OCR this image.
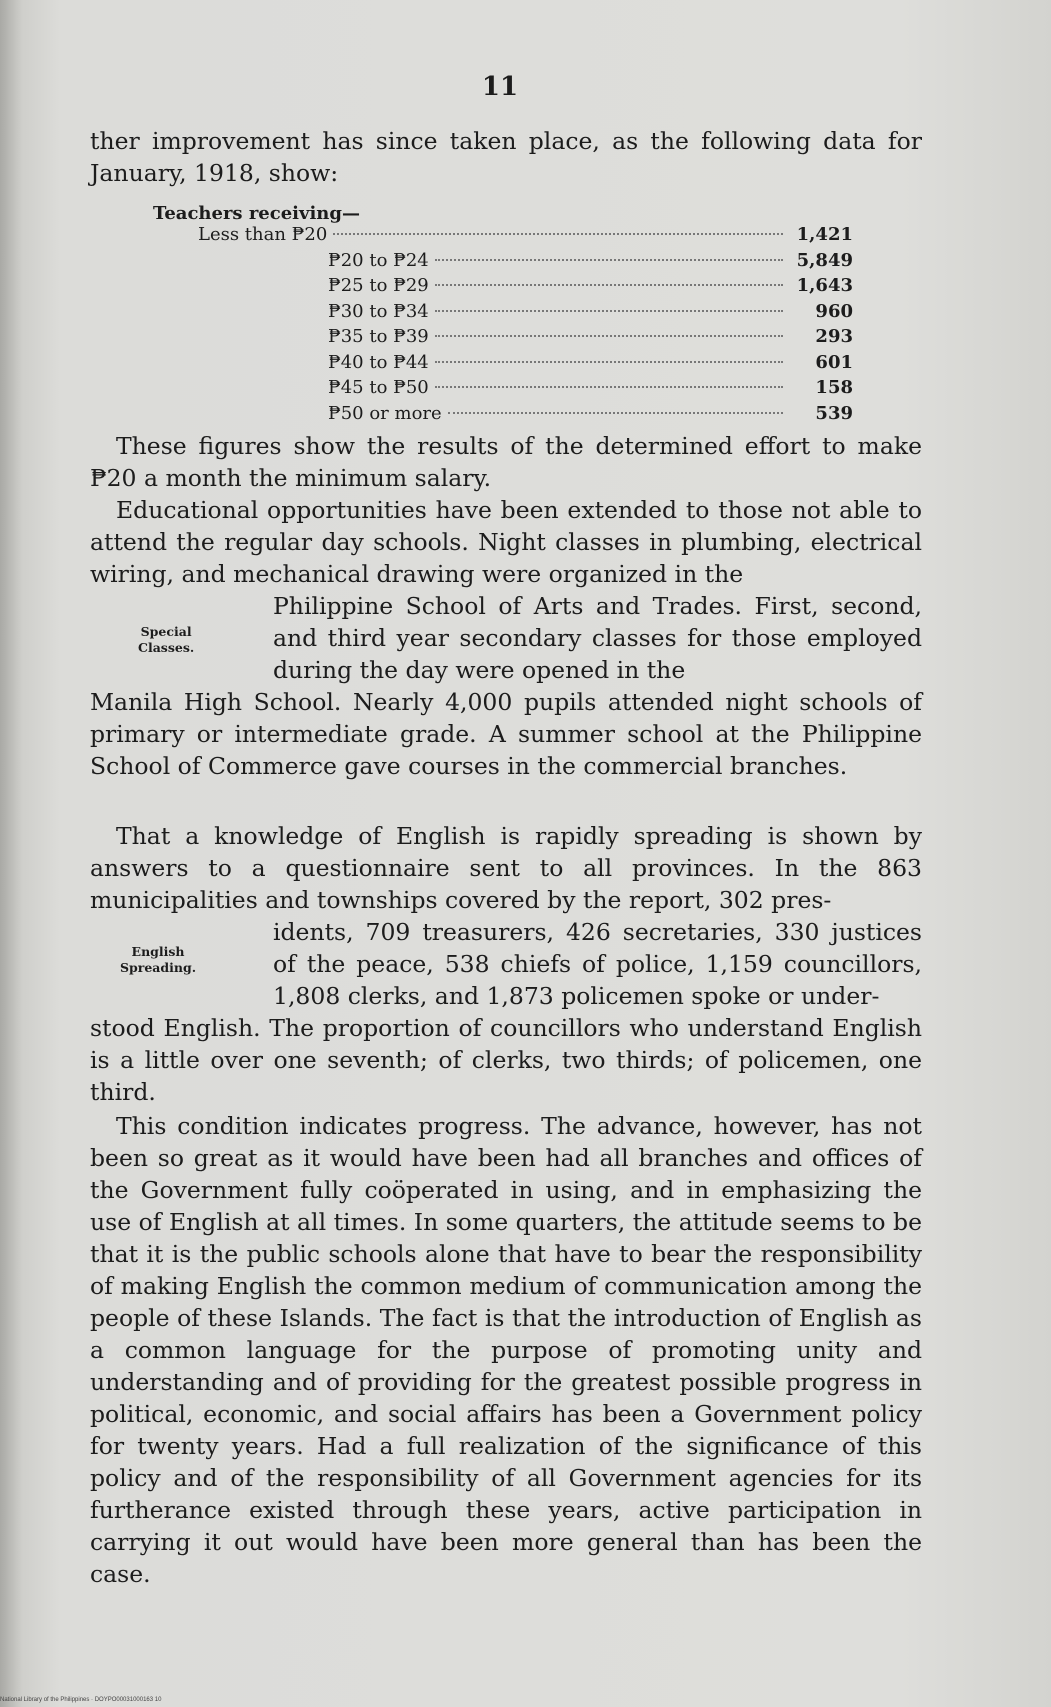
11

ther improvement has since taken place, as the following data for January, 1918, show:

Teachers receiving—
Less than ₱20	1,421
₱20 to ₱24	5,849
₱25 to ₱29	1,643
₱30 to ₱34	960
₱35 to ₱39	293
₱40 to ₱44	601
₱45 to ₱50	158
₱50 or more	539

These figures show the results of the determined effort to make ₱20 a month the minimum salary.

Educational opportunities have been extended to those not able to attend the regular day schools. Night classes in plumbing, electrical wiring, and mechanical drawing were organized in the

Philippine School of Arts and Trades. First, second, and third year secondary classes for those employed during the day were opened in the

Manila High School. Nearly 4,000 pupils attended night schools of primary or intermediate grade. A summer school at the Philippine School of Commerce gave courses in the commercial branches.

Special
Classes.

That a knowledge of English is rapidly spreading is shown by answers to a questionnaire sent to all provinces. In the 863 municipalities and townships covered by the report, 302 pres-

idents, 709 treasurers, 426 secretaries, 330 justices of the peace, 538 chiefs of police, 1,159 councillors, 1,808 clerks, and 1,873 policemen spoke or under-

stood English. The proportion of councillors who understand English is a little over one seventh; of clerks, two thirds; of policemen, one third.

English
Spreading.

This condition indicates progress. The advance, however, has not been so great as it would have been had all branches and offices of the Government fully coöperated in using, and in emphasizing the use of English at all times. In some quarters, the attitude seems to be that it is the public schools alone that have to bear the responsibility of making English the common medium of communication among the people of these Islands. The fact is that the introduction of English as a common language for the purpose of promoting unity and understanding and of providing for the greatest possible progress in political, economic, and social affairs has been a Government policy for twenty years. Had a full realization of the significance of this policy and of the responsibility of all Government agencies for its furtherance existed through these years, active participation in carrying it out would have been more general than has been the case.

National Library of the Philippines · DOYPO00031000163 10
